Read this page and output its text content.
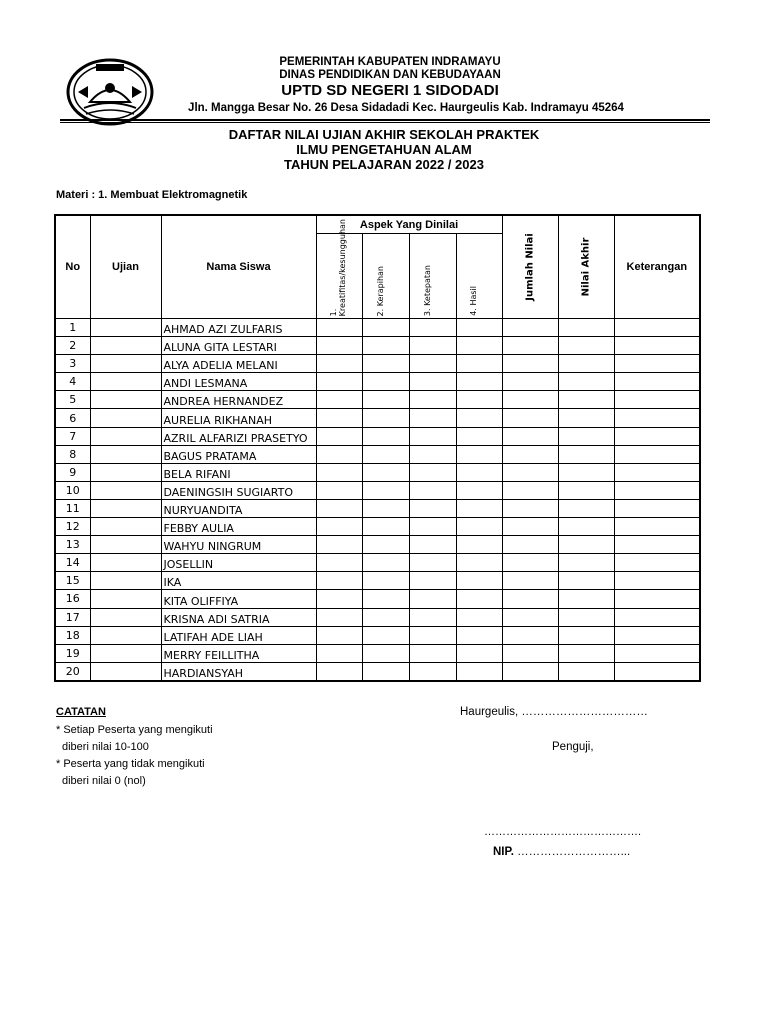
PEMERINTAH KABUPATEN INDRAMAYU
DINAS PENDIDIKAN DAN KEBUDAYAAN
UPTD SD NEGERI 1 SIDODADI
Jln. Mangga Besar No. 26 Desa Sidadadi Kec. Haurgeulis Kab. Indramayu 45264
DAFTAR NILAI UJIAN AKHIR SEKOLAH PRAKTEK
ILMU PENGETAHUAN ALAM
TAHUN PELAJARAN 2022 / 2023
Materi : 1. Membuat Elektromagnetik
No	Ujian	Nama Siswa	Aspek Yang Dinilai				Jumlah Nilai	Nilai Akhir	Keterangan

			1. Kreatifitas/kesungguhan	2. Kerapihan	3. Ketepatan	4. Hasil			

1		AHMAD AZI ZULFARIS							
2		ALUNA GITA LESTARI							
3		ALYA ADELIA MELANI							
4		ANDI LESMANA							
5		ANDREA HERNANDEZ							
6		AURELIA RIKHANAH							
7		AZRIL ALFARIZI PRASETYO							
8		BAGUS PRATAMA							
9		BELA RIFANI							
10		DAENINGSIH SUGIARTO							
11		NURYUANDITA							
12		FEBBY AULIA							
13		WAHYU NINGRUM							
14		JOSELLIN							
15		IKA							
16		KITA OLIFFIYA							
17		KRISNA ADI SATRIA							
18		LATIFAH ADE LIAH							
19		MERRY FEILLITHA							
20		HARDIANSYAH							
CATATAN
* Setiap Peserta yang mengikuti
diberi nilai 10-100
* Peserta yang tidak mengikuti
diberi nilai 0 (nol)
Haurgeulis, ……………………………
Penguji,
…………………………………….
NIP. ………………………...
